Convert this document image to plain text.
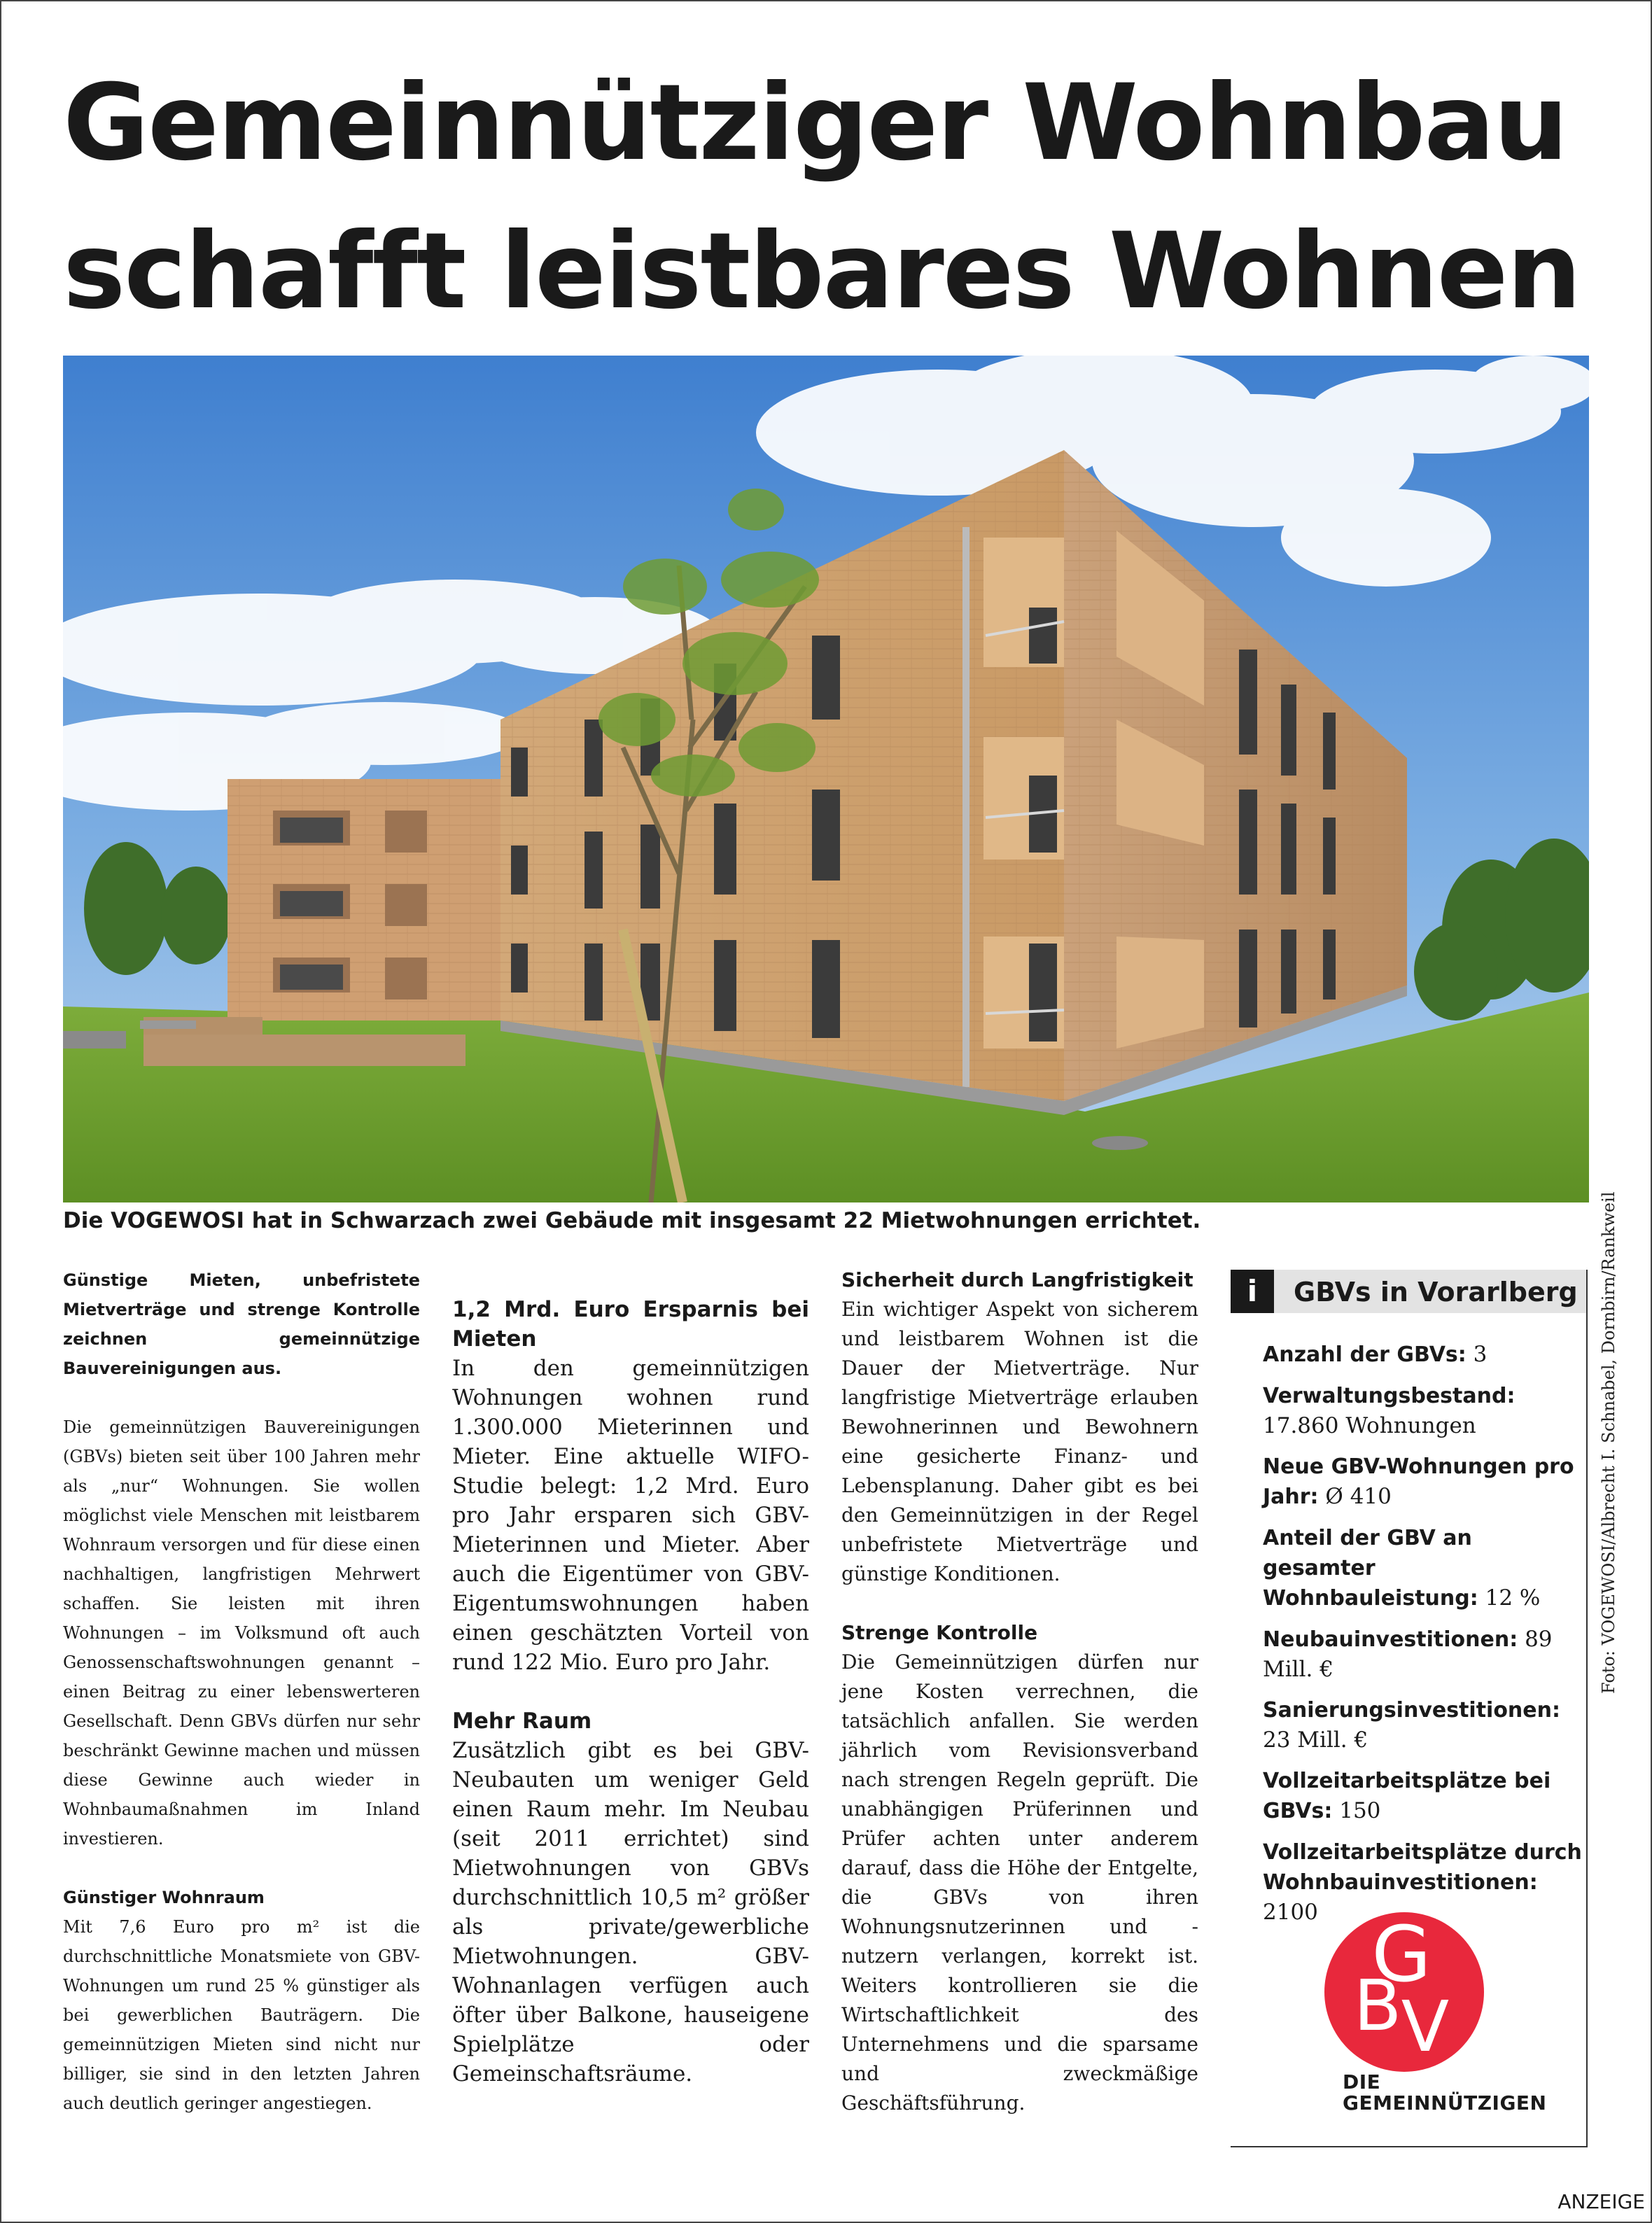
Gemeinnütziger Wohnbau
schafft leistbares Wohnen
Foto: VOGEWOSI/Albrecht I. Schnabel, Dornbirn/Rankweil
Die VOGEWOSI hat in Schwarzach zwei Gebäude mit insgesamt 22 Mietwohnungen errichtet.

Günstige Mieten, unbefristete Mietverträge und strenge Kontrolle zeichnen gemeinnützige Bauvereinigungen aus.

Die gemeinnützigen Bauvereinigungen (GBVs) bieten seit über 100 Jahren mehr als „nur“ Wohnungen. Sie wollen möglichst viele Menschen mit leistbarem Wohnraum versorgen und für diese einen nachhaltigen, langfristigen Mehrwert schaffen. Sie leisten mit ihren Wohnungen – im Volksmund oft auch Genossenschaftswohnungen genannt – einen Beitrag zu einer lebenswerteren Gesellschaft. Denn GBVs dürfen nur sehr beschränkt Gewinne machen und müssen diese Gewinne auch wieder in Wohnbaumaßnahmen im Inland investieren.

Günstiger Wohnraum

Mit 7,6 Euro pro m² ist die durchschnittliche Monatsmiete von GBV-Wohnungen um rund 25 % günstiger als bei gewerblichen Bauträgern. Die gemeinnützigen Mieten sind nicht nur billiger, sie sind in den letzten Jahren auch deutlich geringer angestiegen.

1,2 Mrd. Euro Ersparnis bei Mieten

In den gemeinnützigen Wohnungen wohnen rund 1.300.000 Mieterinnen und Mieter. Eine aktuelle WIFO-Studie belegt: 1,2 Mrd. Euro pro Jahr ersparen sich GBV-Mieterinnen und Mieter. Aber auch die Eigentümer von GBV-Eigentumswohnungen haben einen geschätzten Vorteil von rund 122 Mio. Euro pro Jahr.

Mehr Raum

Zusätzlich gibt es bei GBV-Neubauten um weniger Geld einen Raum mehr. Im Neubau (seit 2011 errichtet) sind Mietwohnungen von GBVs durchschnittlich 10,5 m² größer als private/gewerbliche Mietwohnungen. GBV-Wohnanlagen verfügen auch öfter über Balkone, hauseigene Spielplätze oder Gemeinschaftsräume.

Sicherheit durch Langfristigkeit

Ein wichtiger Aspekt von sicherem und leistbarem Wohnen ist die Dauer der Mietverträge. Nur langfristige Mietverträge erlauben Bewohnerinnen und Bewohnern eine gesicherte Finanz- und Lebensplanung. Daher gibt es bei den Gemeinnützigen in der Regel unbefristete Mietverträge und günstige Konditionen.

Strenge Kontrolle

Die Gemeinnützigen dürfen nur jene Kosten verrechnen, die tatsächlich anfallen. Sie werden jährlich vom Revisionsverband nach strengen Regeln geprüft. Die unabhängigen Prüferinnen und Prüfer achten unter anderem darauf, dass die Höhe der Entgelte, die GBVs von ihren Wohnungsnutzerinnen und -nutzern verlangen, korrekt ist. Weiters kontrollieren sie die Wirtschaftlichkeit des Unternehmens und die sparsame und zweckmäßige Geschäftsführung.

i	GBVs in Vorarlberg
Anzahl der GBVs: 3
Verwaltungsbestand: 17.860 Wohnungen
Neue GBV-Wohnungen pro Jahr: Ø 410
Anteil der GBV an gesamter Wohnbauleistung: 12 %
Neubauinvestitionen: 89 Mill. €
Sanierungsinvestitionen: 23 Mill. €
Vollzeitarbeitsplätze bei GBVs: 150
Vollzeitarbeitsplätze durch Wohnbauinvestitionen: 2100 G
B V
DIE
GEMEINNÜTZIGEN
ANZEIGE
